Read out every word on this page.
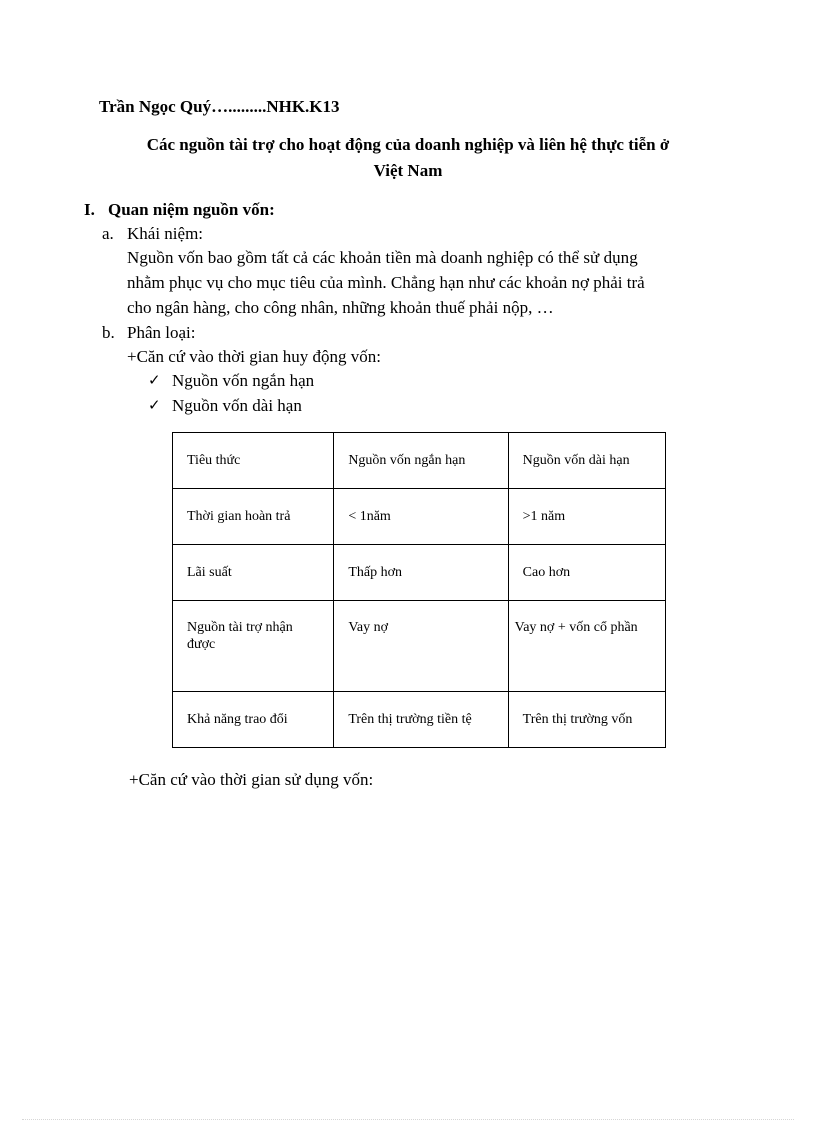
Trần Ngọc Quý….........NHK.K13
Các nguồn tài trợ cho hoạt động của doanh nghiệp và liên hệ thực tiễn ở
Việt Nam
I. Quan niệm nguồn vốn:
a. Khái niệm:
Nguồn vốn bao gồm tất cả các khoản tiền mà doanh nghiệp có thể sử dụng
nhằm phục vụ cho mục tiêu của mình. Chẳng hạn như các khoản nợ phải trả
cho ngân hàng, cho công nhân, những khoản thuế phải nộp, …
b. Phân loại:
+Căn cứ vào thời gian huy động vốn:
✓ Nguồn vốn ngắn hạn
✓ Nguồn vốn dài hạn
Tiêu thức	Nguồn vốn ngắn hạn	Nguồn vốn dài hạn
Thời gian hoàn trả	< 1năm	>1 năm
Lãi suất	Thấp hơn	Cao hơn
Nguồn tài trợ nhận được	Vay nợ	Vay nợ + vốn cổ phần
Khả năng trao đổi	Trên thị trường tiền tệ	Trên thị trường vốn
+Căn cứ vào thời gian sử dụng vốn:
